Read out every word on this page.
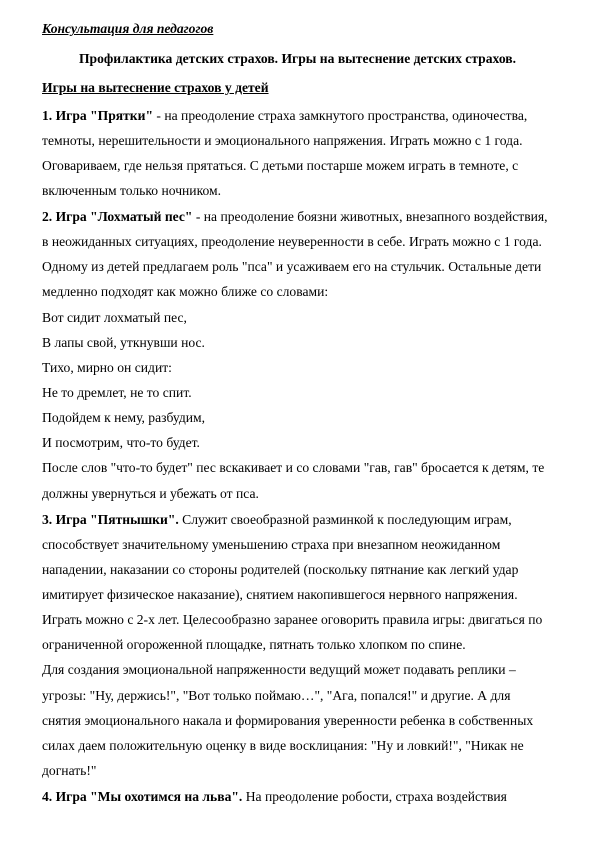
Консультация для педагогов
Профилактика детских страхов. Игры на вытеснение детских страхов.
Игры на вытеснение страхов у детей
1. Игра "Прятки" - на преодоление страха замкнутого пространства, одиночества,
темноты, нерешительности и эмоционального напряжения. Играть можно с 1 года.
Оговариваем, где нельзя прятаться. С детьми постарше можем играть в темноте, с
включенным только ночником.
2. Игра "Лохматый пес" - на преодоление боязни животных, внезапного воздействия,
в неожиданных ситуациях, преодоление неуверенности в себе. Играть можно с 1 года.
Одному из детей предлагаем роль "пса" и усаживаем его на стульчик. Остальные дети
медленно подходят как можно ближе со словами:
Вот сидит лохматый пес,
В лапы свой, уткнувши нос.
Тихо, мирно он сидит:
Не то дремлет, не то спит.
Подойдем к нему, разбудим,
И посмотрим, что-то будет.
После слов "что-то будет" пес вскакивает и со словами "гав, гав" бросается к детям, те
должны увернуться и убежать от пса.
3. Игра "Пятнышки". Служит своеобразной разминкой к последующим играм,
способствует значительному уменьшению страха при внезапном неожиданном
нападении, наказании со стороны родителей (поскольку пятнание как легкий удар
имитирует физическое наказание), снятием накопившегося нервного напряжения.
Играть можно с 2-х лет. Целесообразно заранее оговорить правила игры: двигаться по
ограниченной огороженной площадке, пятнать только хлопком по спине.
Для создания эмоциональной напряженности ведущий может подавать реплики –
угрозы: "Ну, держись!", "Вот только поймаю…", "Ага, попался!" и другие. А для
снятия эмоционального накала и формирования уверенности ребенка в собственных
силах даем положительную оценку в виде восклицания: "Ну и ловкий!", "Никак не
догнать!"
4. Игра "Мы охотимся на льва". На преодоление робости, страха воздействия
